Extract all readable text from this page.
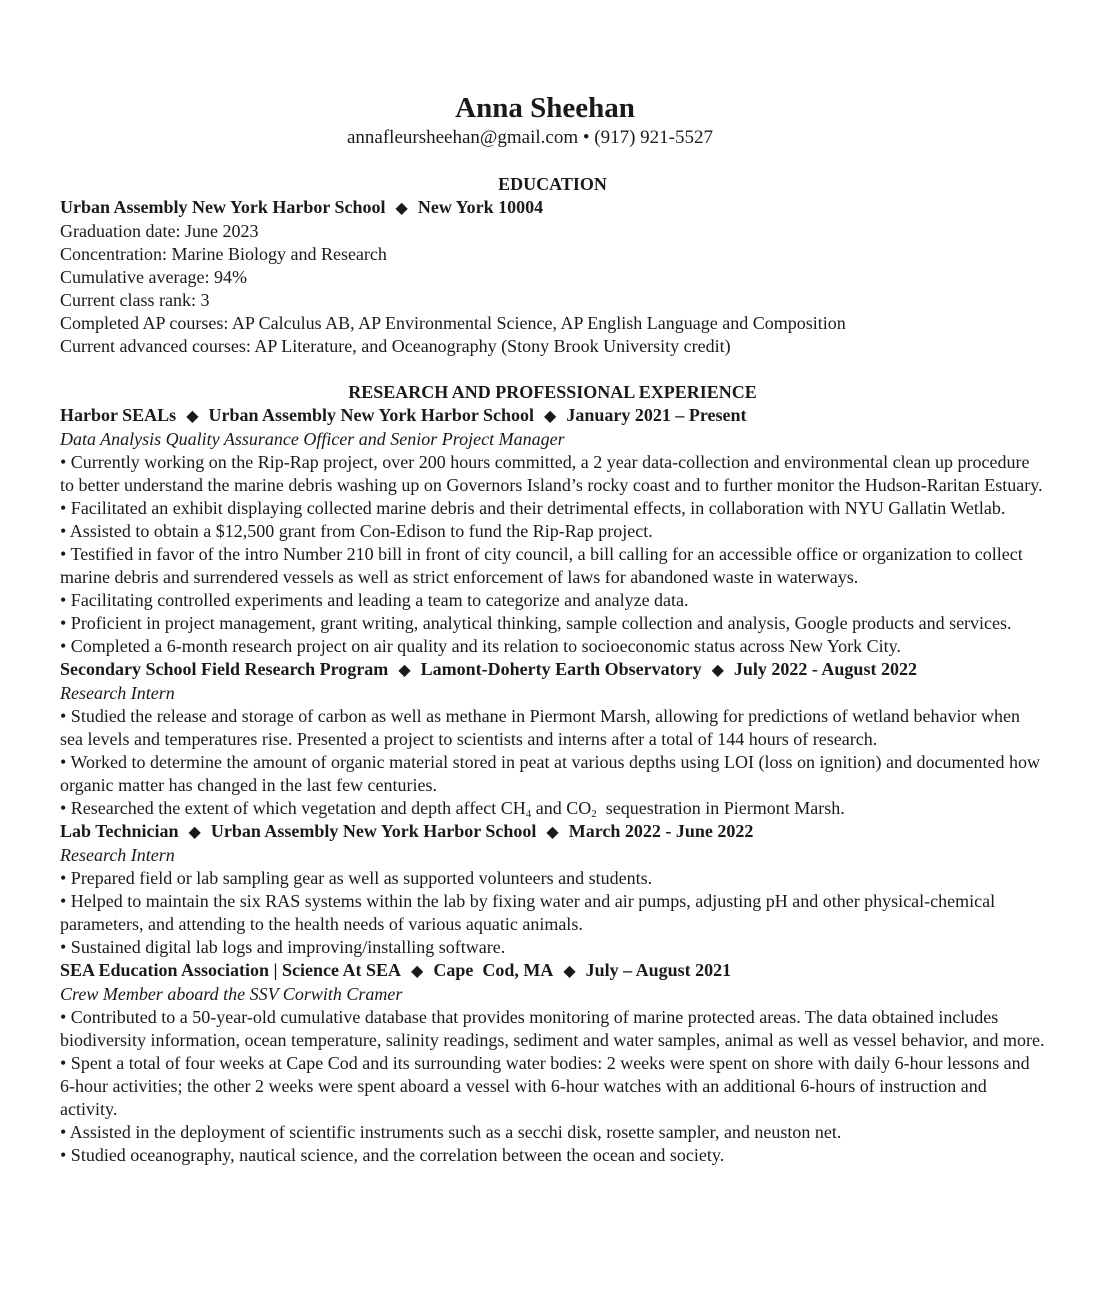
Anna Sheehan
annafleursheehan@gmail.com • (917) 921-5527
EDUCATION
Urban Assembly New York Harbor School ◆ New York 10004
Graduation date: June 2023
Concentration: Marine Biology and Research
Cumulative average: 94%
Current class rank: 3
Completed AP courses: AP Calculus AB, AP Environmental Science, AP English Language and Composition
Current advanced courses: AP Literature, and Oceanography (Stony Brook University credit)
RESEARCH AND PROFESSIONAL EXPERIENCE
Harbor SEALs ◆ Urban Assembly New York Harbor School ◆ January 2021 – Present
Data Analysis Quality Assurance Officer and Senior Project Manager
• Currently working on the Rip-Rap project, over 200 hours committed, a 2 year data-collection and environmental clean up procedure to better understand the marine debris washing up on Governors Island’s rocky coast and to further monitor the Hudson-Raritan Estuary.
• Facilitated an exhibit displaying collected marine debris and their detrimental effects, in collaboration with NYU Gallatin Wetlab.
• Assisted to obtain a $12,500 grant from Con-Edison to fund the Rip-Rap project.
• Testified in favor of the intro Number 210 bill in front of city council, a bill calling for an accessible office or organization to collect marine debris and surrendered vessels as well as strict enforcement of laws for abandoned waste in waterways.
• Facilitating controlled experiments and leading a team to categorize and analyze data.
• Proficient in project management, grant writing, analytical thinking, sample collection and analysis, Google products and services.
• Completed a 6-month research project on air quality and its relation to socioeconomic status across New York City.
Secondary School Field Research Program ◆ Lamont-Doherty Earth Observatory ◆ July 2022 - August 2022
Research Intern
• Studied the release and storage of carbon as well as methane in Piermont Marsh, allowing for predictions of wetland behavior when sea levels and temperatures rise. Presented a project to scientists and interns after a total of 144 hours of research.
• Worked to determine the amount of organic material stored in peat at various depths using LOI (loss on ignition) and documented how organic matter has changed in the last few centuries.
• Researched the extent of which vegetation and depth affect $CH_4$ and $CO_2$  sequestration in Piermont Marsh.
Lab Technician ◆ Urban Assembly New York Harbor School ◆ March 2022 - June 2022
Research Intern
• Prepared field or lab sampling gear as well as supported volunteers and students.
• Helped to maintain the six RAS systems within the lab by fixing water and air pumps, adjusting pH and other physical-chemical parameters, and attending to the health needs of various aquatic animals.
• Sustained digital lab logs and improving/installing software.
SEA Education Association | Science At SEA ◆ Cape  Cod, MA ◆ July – August 2021
Crew Member aboard the SSV Corwith Cramer
• Contributed to a 50-year-old cumulative database that provides monitoring of marine protected areas. The data obtained includes biodiversity information, ocean temperature, salinity readings, sediment and water samples, animal as well as vessel behavior, and more.
• Spent a total of four weeks at Cape Cod and its surrounding water bodies: 2 weeks were spent on shore with daily 6-hour lessons and 6-hour activities; the other 2 weeks were spent aboard a vessel with 6-hour watches with an additional 6-hours of instruction and activity.
• Assisted in the deployment of scientific instruments such as a secchi disk, rosette sampler, and neuston net.
• Studied oceanography, nautical science, and the correlation between the ocean and society.
